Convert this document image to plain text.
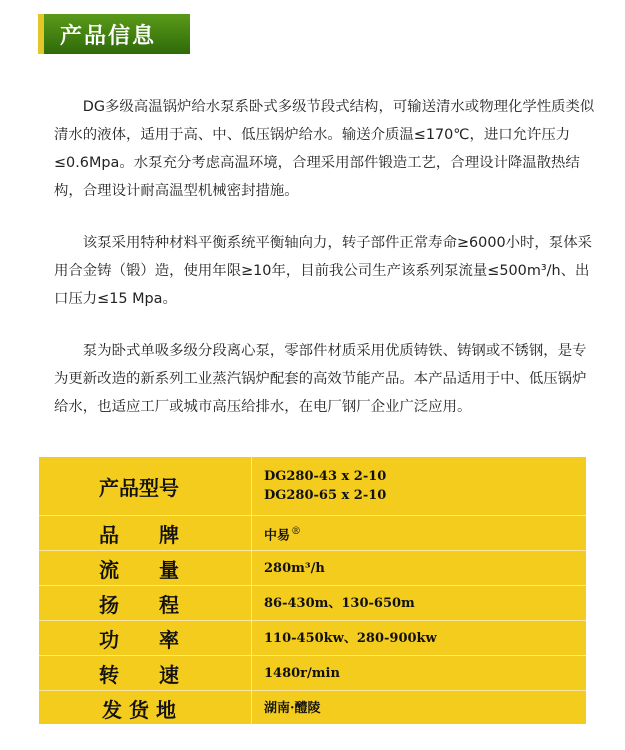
产品信息

DG多级高温锅炉给水泵系卧式多级节段式结构，可输送清水或物理化学性质类似清水的液体，适用于高、中、低压锅炉给水。输送介质温≤170℃，进口允许压力≤0.6Mpa。水泵充分考虑高温环境，合理采用部件锻造工艺，合理设计降温散热结构，合理设计耐高温型机械密封措施。

该泵采用特种材料平衡系统平衡轴向力，转子部件正常寿命≥6000小时，泵体采用合金铸（锻）造，使用年限≥10年，目前我公司生产该系列泵流量≤500m³/h、出口压力≤15 Mpa。

泵为卧式单吸多级分段离心泵，零部件材质采用优质铸铁、铸钢或不锈钢，是专为更新改造的新系列工业蒸汽锅炉配套的高效节能产品。本产品适用于中、低压锅炉给水，也适应工厂或城市高压给排水，在电厂钢厂企业广泛应用。

产品型号	DG280-43 x 2-10
DG280-65 x 2-10
品　　牌	中易®
流　　量	280m³/h
扬　　程	86-430m、130-650m
功　　率	110-450kw、280-900kw
转　　速	1480r/min
发 货 地	湖南·醴陵
